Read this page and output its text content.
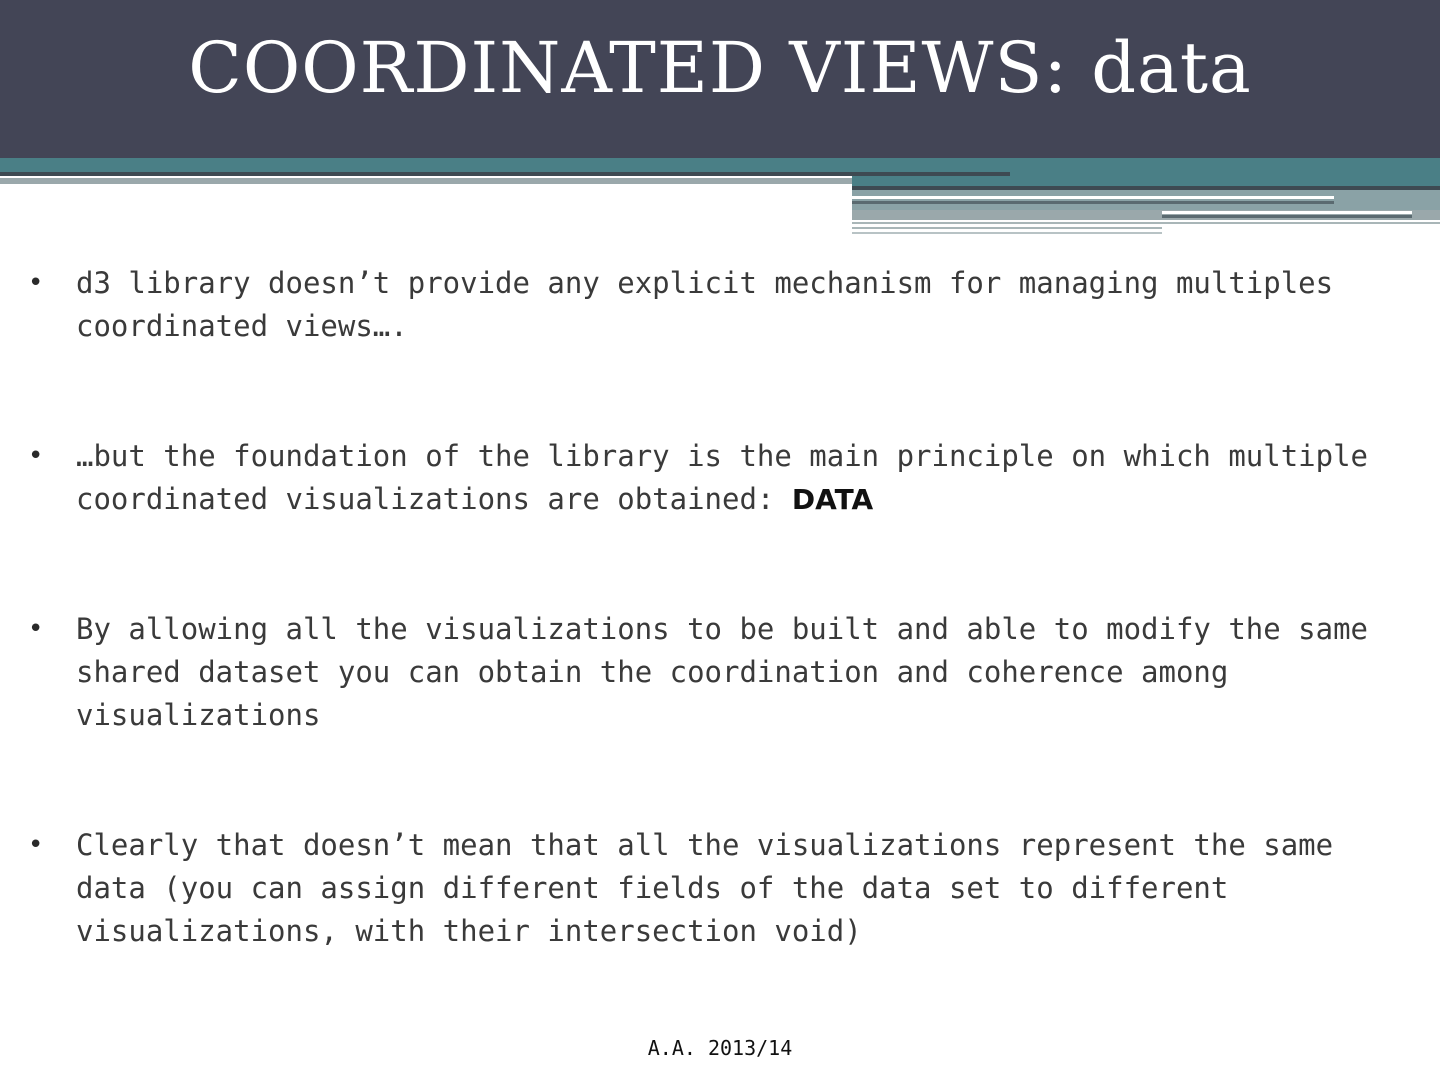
COORDINATED VIEWS: data
• d3 library doesn’t provide any explicit mechanism for managing multiples coordinated views….
• …but the foundation of the library is the main principle on which multiple coordinated visualizations are obtained: DATA
• By allowing all the visualizations to be built and able to modify the same shared dataset you can obtain the coordination and coherence among visualizations
• Clearly that doesn’t mean that all the visualizations represent the same data (you can assign different fields of the data set to different visualizations, with their intersection void)
A.A. 2013/14
